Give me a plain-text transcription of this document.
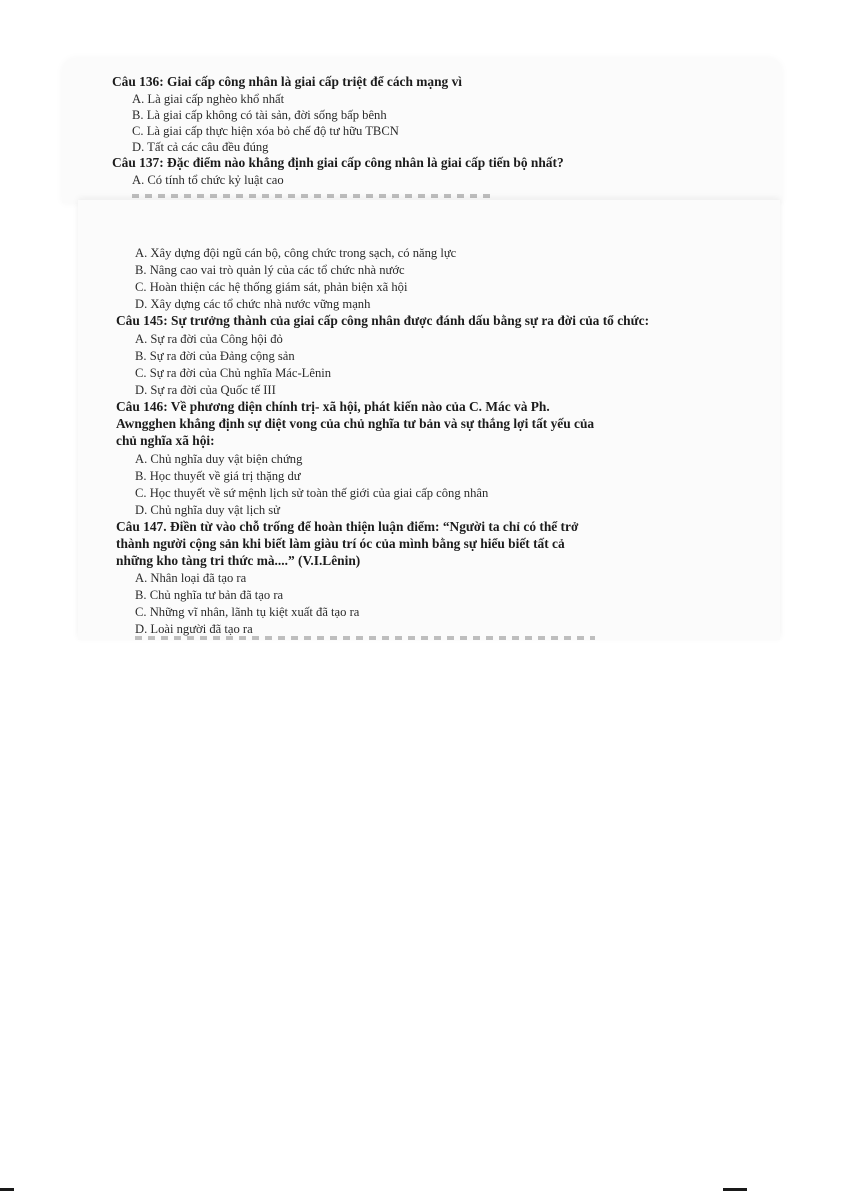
Câu 136: Giai cấp công nhân là giai cấp triệt để cách mạng vì

A. Là giai cấp nghèo khổ nhất

B. Là giai cấp không có tài sản, đời sống bấp bênh

C. Là giai cấp thực hiện xóa bỏ chế độ tư hữu TBCN

D. Tất cả các câu đều đúng

Câu 137: Đặc điểm nào khẳng định giai cấp công nhân là giai cấp tiến bộ nhất?

A. Có tính tổ chức kỷ luật cao

A. Xây dựng đội ngũ cán bộ, công chức trong sạch, có năng lực

B. Nâng cao vai trò quản lý của các tổ chức nhà nước

C. Hoàn thiện các hệ thống giám sát, phản biện xã hội

D. Xây dựng các tổ chức nhà nước vững mạnh

Câu 145: Sự trưởng thành của giai cấp công nhân được đánh dấu bằng sự ra đời của tổ chức:

A. Sự ra đời của Công hội đỏ

B. Sự ra đời của Đảng cộng sản

C. Sự ra đời của Chủ nghĩa Mác-Lênin

D. Sự ra đời của Quốc tế III

Câu 146: Về phương diện chính trị- xã hội, phát kiến nào của C. Mác và Ph.

Awngghen khẳng định sự diệt vong của chủ nghĩa tư bản và sự thắng lợi tất yếu của

chủ nghĩa xã hội:

A. Chủ nghĩa duy vật biện chứng

B. Học thuyết về giá trị thặng dư

C. Học thuyết về sứ mệnh lịch sử toàn thế giới của giai cấp công nhân

D. Chủ nghĩa duy vật lịch sử

Câu 147. Điền từ vào chỗ trống để hoàn thiện luận điểm: “Người ta chỉ có thể trở

thành người cộng sản khi biết làm giàu trí óc của mình bằng sự hiểu biết tất cả

những kho tàng tri thức mà....” (V.I.Lênin)

A. Nhân loại đã tạo ra

B. Chủ nghĩa tư bản đã tạo ra

C. Những vĩ nhân, lãnh tụ kiệt xuất đã tạo ra

D. Loài người đã tạo ra
